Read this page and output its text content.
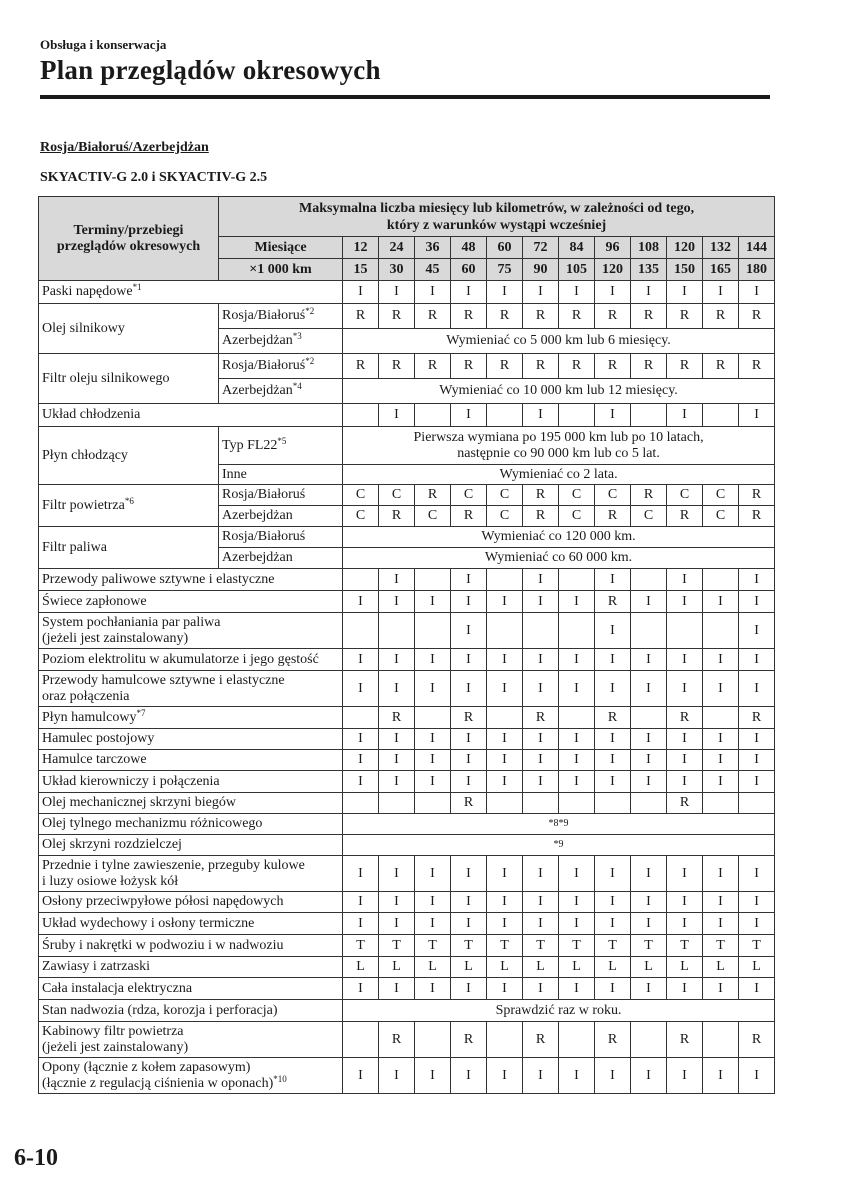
Obsługa i konserwacja
Plan przeglądów okresowych
Rosja/Białoruś/Azerbejdżan
SKYACTIV-G 2.0 i SKYACTIV-G 2.5
Terminy/przebiegi przeglądów okresowych	Maksymalna liczba miesięcy lub kilometrów, w zależności od tego,
który z warunków wystąpi wcześniej												

	Miesiące	12	24	36	48	60	72	84	96	108	120	132	144
	×1 000 km	15	30	45	60	75	90	105	120	135	150	165	180

Paski napędowe$^{*1}$		I	I	I	I	I	I	I	I	I	I	I	I

Olej silnikowy	Rosja/Białoruś$^{*2}$	R	R	R	R	R	R	R	R	R	R	R	R
	Azerbejdżan$^{*3}$	Wymieniać co 5 000 km lub 6 miesięcy.											

Filtr oleju silnikowego	Rosja/Białoruś$^{*2}$	R	R	R	R	R	R	R	R	R	R	R	R
	Azerbejdżan$^{*4}$	Wymieniać co 10 000 km lub 12 miesięcy.											

Układ chłodzenia			I		I		I		I		I		I

Płyn chłodzący	Typ FL22$^{*5}$	Pierwsza wymiana po 195 000 km lub po 10 latach,
następnie co 90 000 km lub co 5 lat.											

	Inne	Wymieniać co 2 lata.											

Filtr powietrza$^{*6}$	Rosja/Białoruś	C	C	R	C	C	R	C	C	R	C	C	R
	Azerbejdżan	C	R	C	R	C	R	C	R	C	R	C	R

Filtr paliwa	Rosja/Białoruś	Wymieniać co 120 000 km.											

	Azerbejdżan	Wymieniać co 60 000 km.											

Przewody paliwowe sztywne i elastyczne			I		I		I		I		I		I

Świece zapłonowe		I	I	I	I	I	I	I	R	I	I	I	I

System pochłaniania par paliwa
(jeżeli jest zainstalowany)					I				I				I

Poziom elektrolitu w akumulatorze i jego gęstość		I	I	I	I	I	I	I	I	I	I	I	I

Przewody hamulcowe sztywne i elastyczne
oraz połączenia		I	I	I	I	I	I	I	I	I	I	I	I

Płyn hamulcowy$^{*7}$			R		R		R		R		R		R

Hamulec postojowy		I	I	I	I	I	I	I	I	I	I	I	I

Hamulce tarczowe		I	I	I	I	I	I	I	I	I	I	I	I

Układ kierowniczy i połączenia		I	I	I	I	I	I	I	I	I	I	I	I

Olej mechanicznej skrzyni biegów					R						R		

Olej tylnego mechanizmu różnicowego		*8*9											

Olej skrzyni rozdzielczej		*9											

Przednie i tylne zawieszenie, przeguby kulowe
i luzy osiowe łożysk kół		I	I	I	I	I	I	I	I	I	I	I	I

Osłony przeciwpyłowe półosi napędowych		I	I	I	I	I	I	I	I	I	I	I	I

Układ wydechowy i osłony termiczne		I	I	I	I	I	I	I	I	I	I	I	I

Śruby i nakrętki w podwoziu i w nadwoziu		T	T	T	T	T	T	T	T	T	T	T	T

Zawiasy i zatrzaski		L	L	L	L	L	L	L	L	L	L	L	L

Cała instalacja elektryczna		I	I	I	I	I	I	I	I	I	I	I	I

Stan nadwozia (rdza, korozja i perforacja)		Sprawdzić raz w roku.											

Kabinowy filtr powietrza
(jeżeli jest zainstalowany)			R		R		R		R		R		R

Opony (łącznie z kołem zapasowym)
(łącznie z regulacją ciśnienia w oponach)$^{*10}$		I	I	I	I	I	I	I	I	I	I	I	I
6-10
